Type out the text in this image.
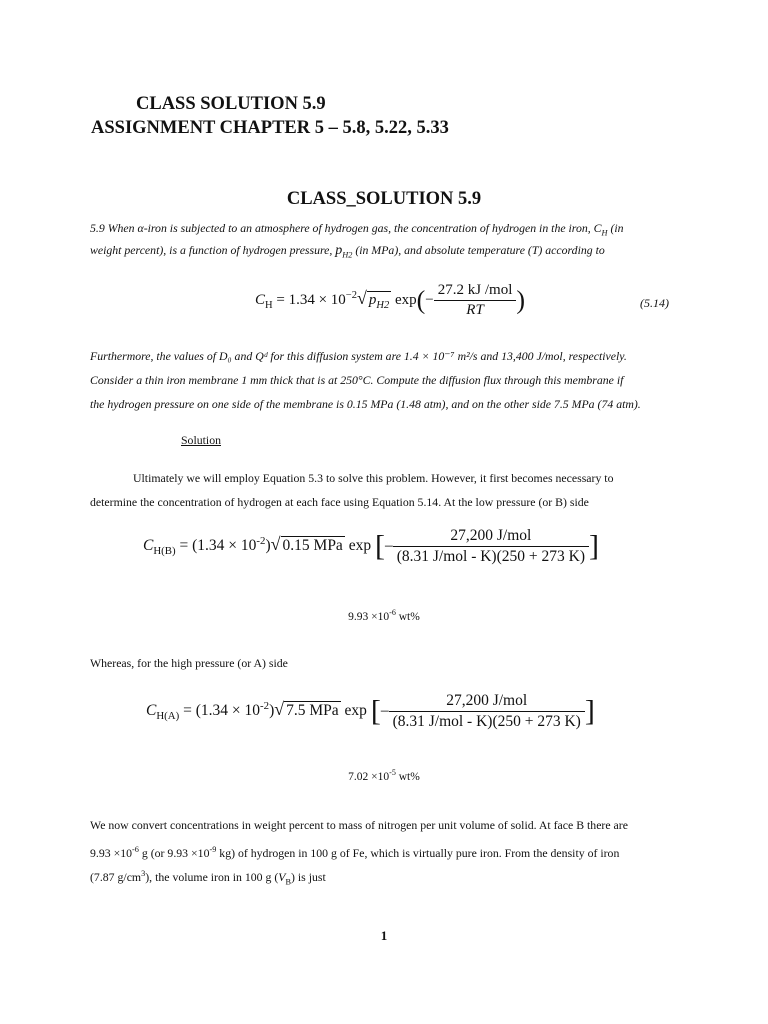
CLASS SOLUTION 5.9
ASSIGNMENT CHAPTER 5 – 5.8, 5.22, 5.33
CLASS_SOLUTION 5.9
5.9 When α-iron is subjected to an atmosphere of hydrogen gas, the concentration of hydrogen in the iron, $C_H$ (in
weight percent), is a function of hydrogen pressure, $p_{H2}$ (in MPa), and absolute temperature (T) according to
$C_H = 1.34 \times 10^{-2}√$ $p_{H2}$ $\exp(- \frac{\text{27.2 kJ /mol}}{RT}$ )	(5.14)
Furthermore, the values of D₀ and Qᵈ for this diffusion system are 1.4 × 10⁻⁷ m²/s and 13,400 J/mol, respectively.
Consider a thin iron membrane 1 mm thick that is at 250°C. Compute the diffusion flux through this membrane if
the hydrogen pressure on one side of the membrane is 0.15 MPa (1.48 atm), and on the other side 7.5 MPa (74 atm).
Solution
Ultimately we will employ Equation 5.3 to solve this problem. However, it first becomes necessary to
determine the concentration of hydrogen at each face using Equation 5.14. At the low pressure (or B) side
$C_{H(B)} = (1.34 \times 10^{-2})√$ 0.15 MPa exp [– $\frac{\text{27,200 J/mol}}{\text{(8.31 J/mol - K)(250 + 273 K)}}$ ]
$9.93 \times 10^{-6}$ wt%
Whereas, for the high pressure (or A) side
$C_{H(A)} = (1.34 \times 10^{-2})√$ 7.5 MPa exp [– $\frac{\text{27,200 J/mol}}{\text{(8.31 J/mol - K)(250 + 273 K)}}$ ]
$7.02 \times 10^{-5}$ wt%
We now convert concentrations in weight percent to mass of nitrogen per unit volume of solid. At face B there are
$9.93 \times 10^{-6}$ g (or $9.93 \times 10^{-9}$ kg) of hydrogen in 100 g of Fe, which is virtually pure iron. From the density of iron
(7.87 $g/cm^3$), the volume iron in 100 g $(V_B)$ is just
1
